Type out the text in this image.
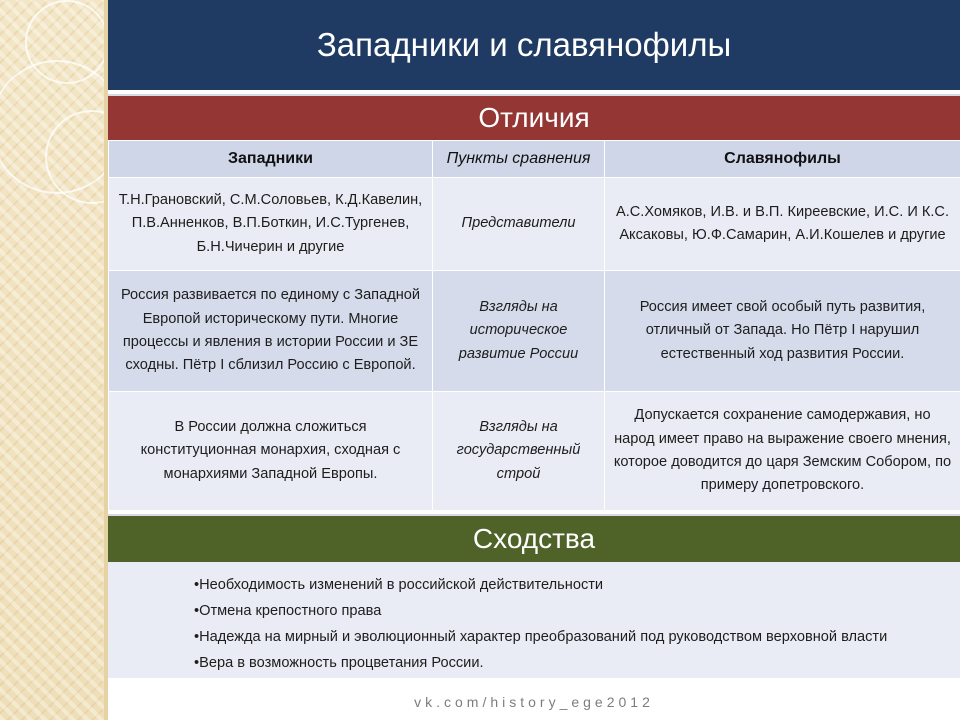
Западники и славянофилы
Отличия
Западники	Пункты сравнения	Славянофилы
Т.Н.Грановский, С.М.Соловьев, К.Д.Кавелин, П.В.Анненков, В.П.Боткин, И.С.Тургенев, Б.Н.Чичерин и другие	Представители	А.С.Хомяков, И.В. и В.П. Киреевские, И.С. И К.С. Аксаковы, Ю.Ф.Самарин, А.И.Кошелев и другие
Россия развивается по единому с Западной Европой историческому пути. Многие процессы и явления в истории России и ЗЕ сходны. Пётр I сблизил Россию с Европой.	Взгляды на историческое развитие России	Россия имеет свой особый путь развития, отличный от Запада. Но Пётр I нарушил естественный ход развития России.
В России должна сложиться конституционная монархия, сходная с монархиями Западной Европы.	Взгляды на государственный строй	Допускается сохранение самодержавия, но народ имеет право на выражение своего мнения, которое доводится до царя Земским Собором, по примеру допетровского.
Сходства
• Необходимость изменений в российской действительности
• Отмена крепостного права
• Надежда на мирный и эволюционный характер преобразований под руководством верховной власти
• Вера в возможность процветания России.
vk.com/history_ege2012
